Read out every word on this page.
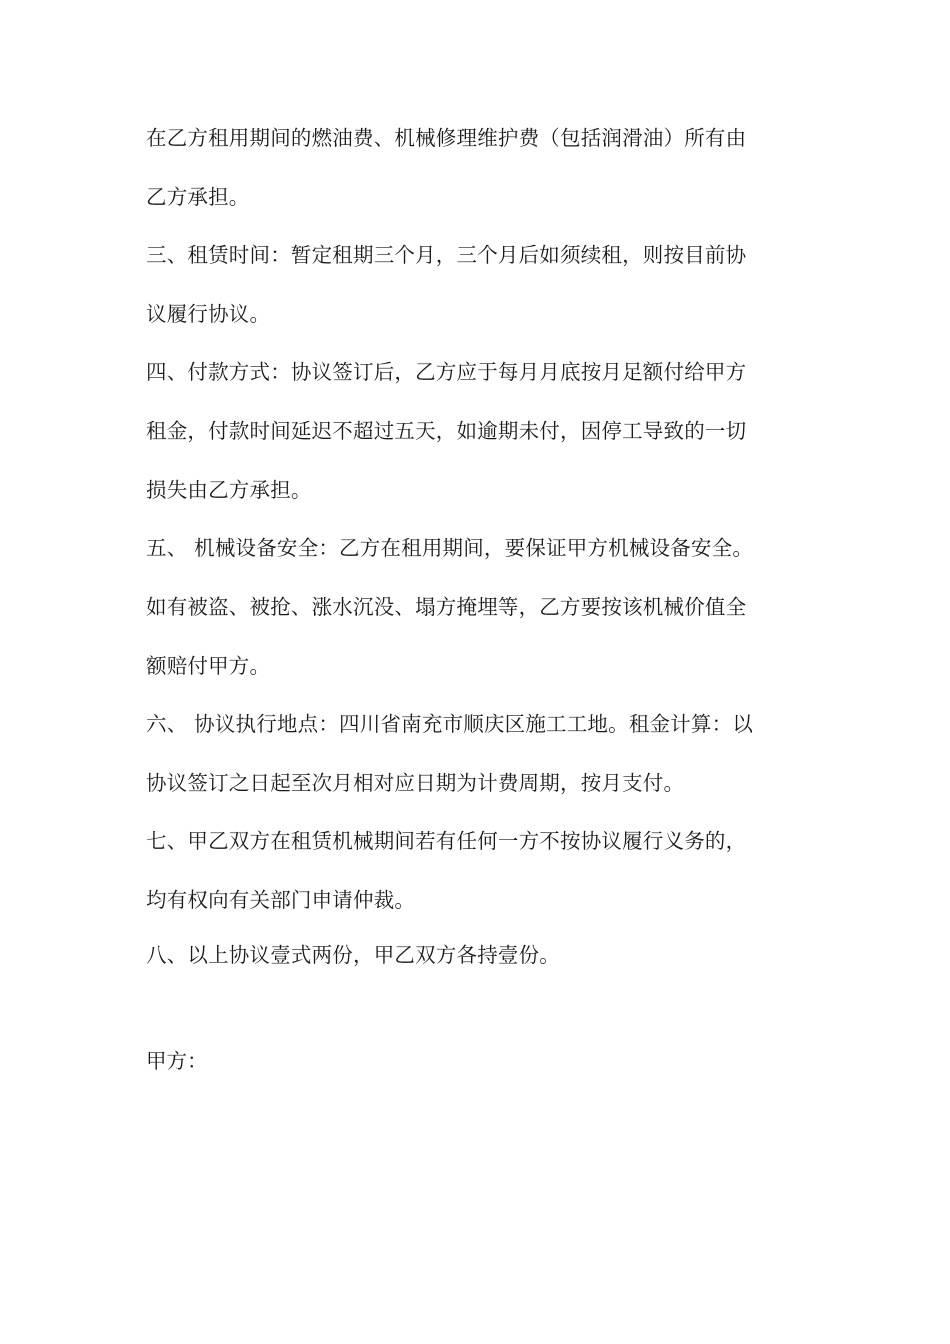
在乙方租用期间的燃油费、机械修理维护费（包括润滑油）所有由
乙方承担。
三、租赁时间：暂定租期三个月，三个月后如须续租，则按目前协
议履行协议。
四、付款方式：协议签订后，乙方应于每月月底按月足额付给甲方
租金，付款时间延迟不超过五天，如逾期未付，因停工导致的一切
损失由乙方承担。
五、 机械设备安全：乙方在租用期间，要保证甲方机械设备安全。
如有被盗、被抢、涨水沉没、塌方掩埋等，乙方要按该机械价值全
额赔付甲方。
六、 协议执行地点：四川省南充市顺庆区施工工地。租金计算：以
协议签订之日起至次月相对应日期为计费周期，按月支付。
七、甲乙双方在租赁机械期间若有任何一方不按协议履行义务的，
均有权向有关部门申请仲裁。
八、以上协议壹式两份，甲乙双方各持壹份。
甲方：
